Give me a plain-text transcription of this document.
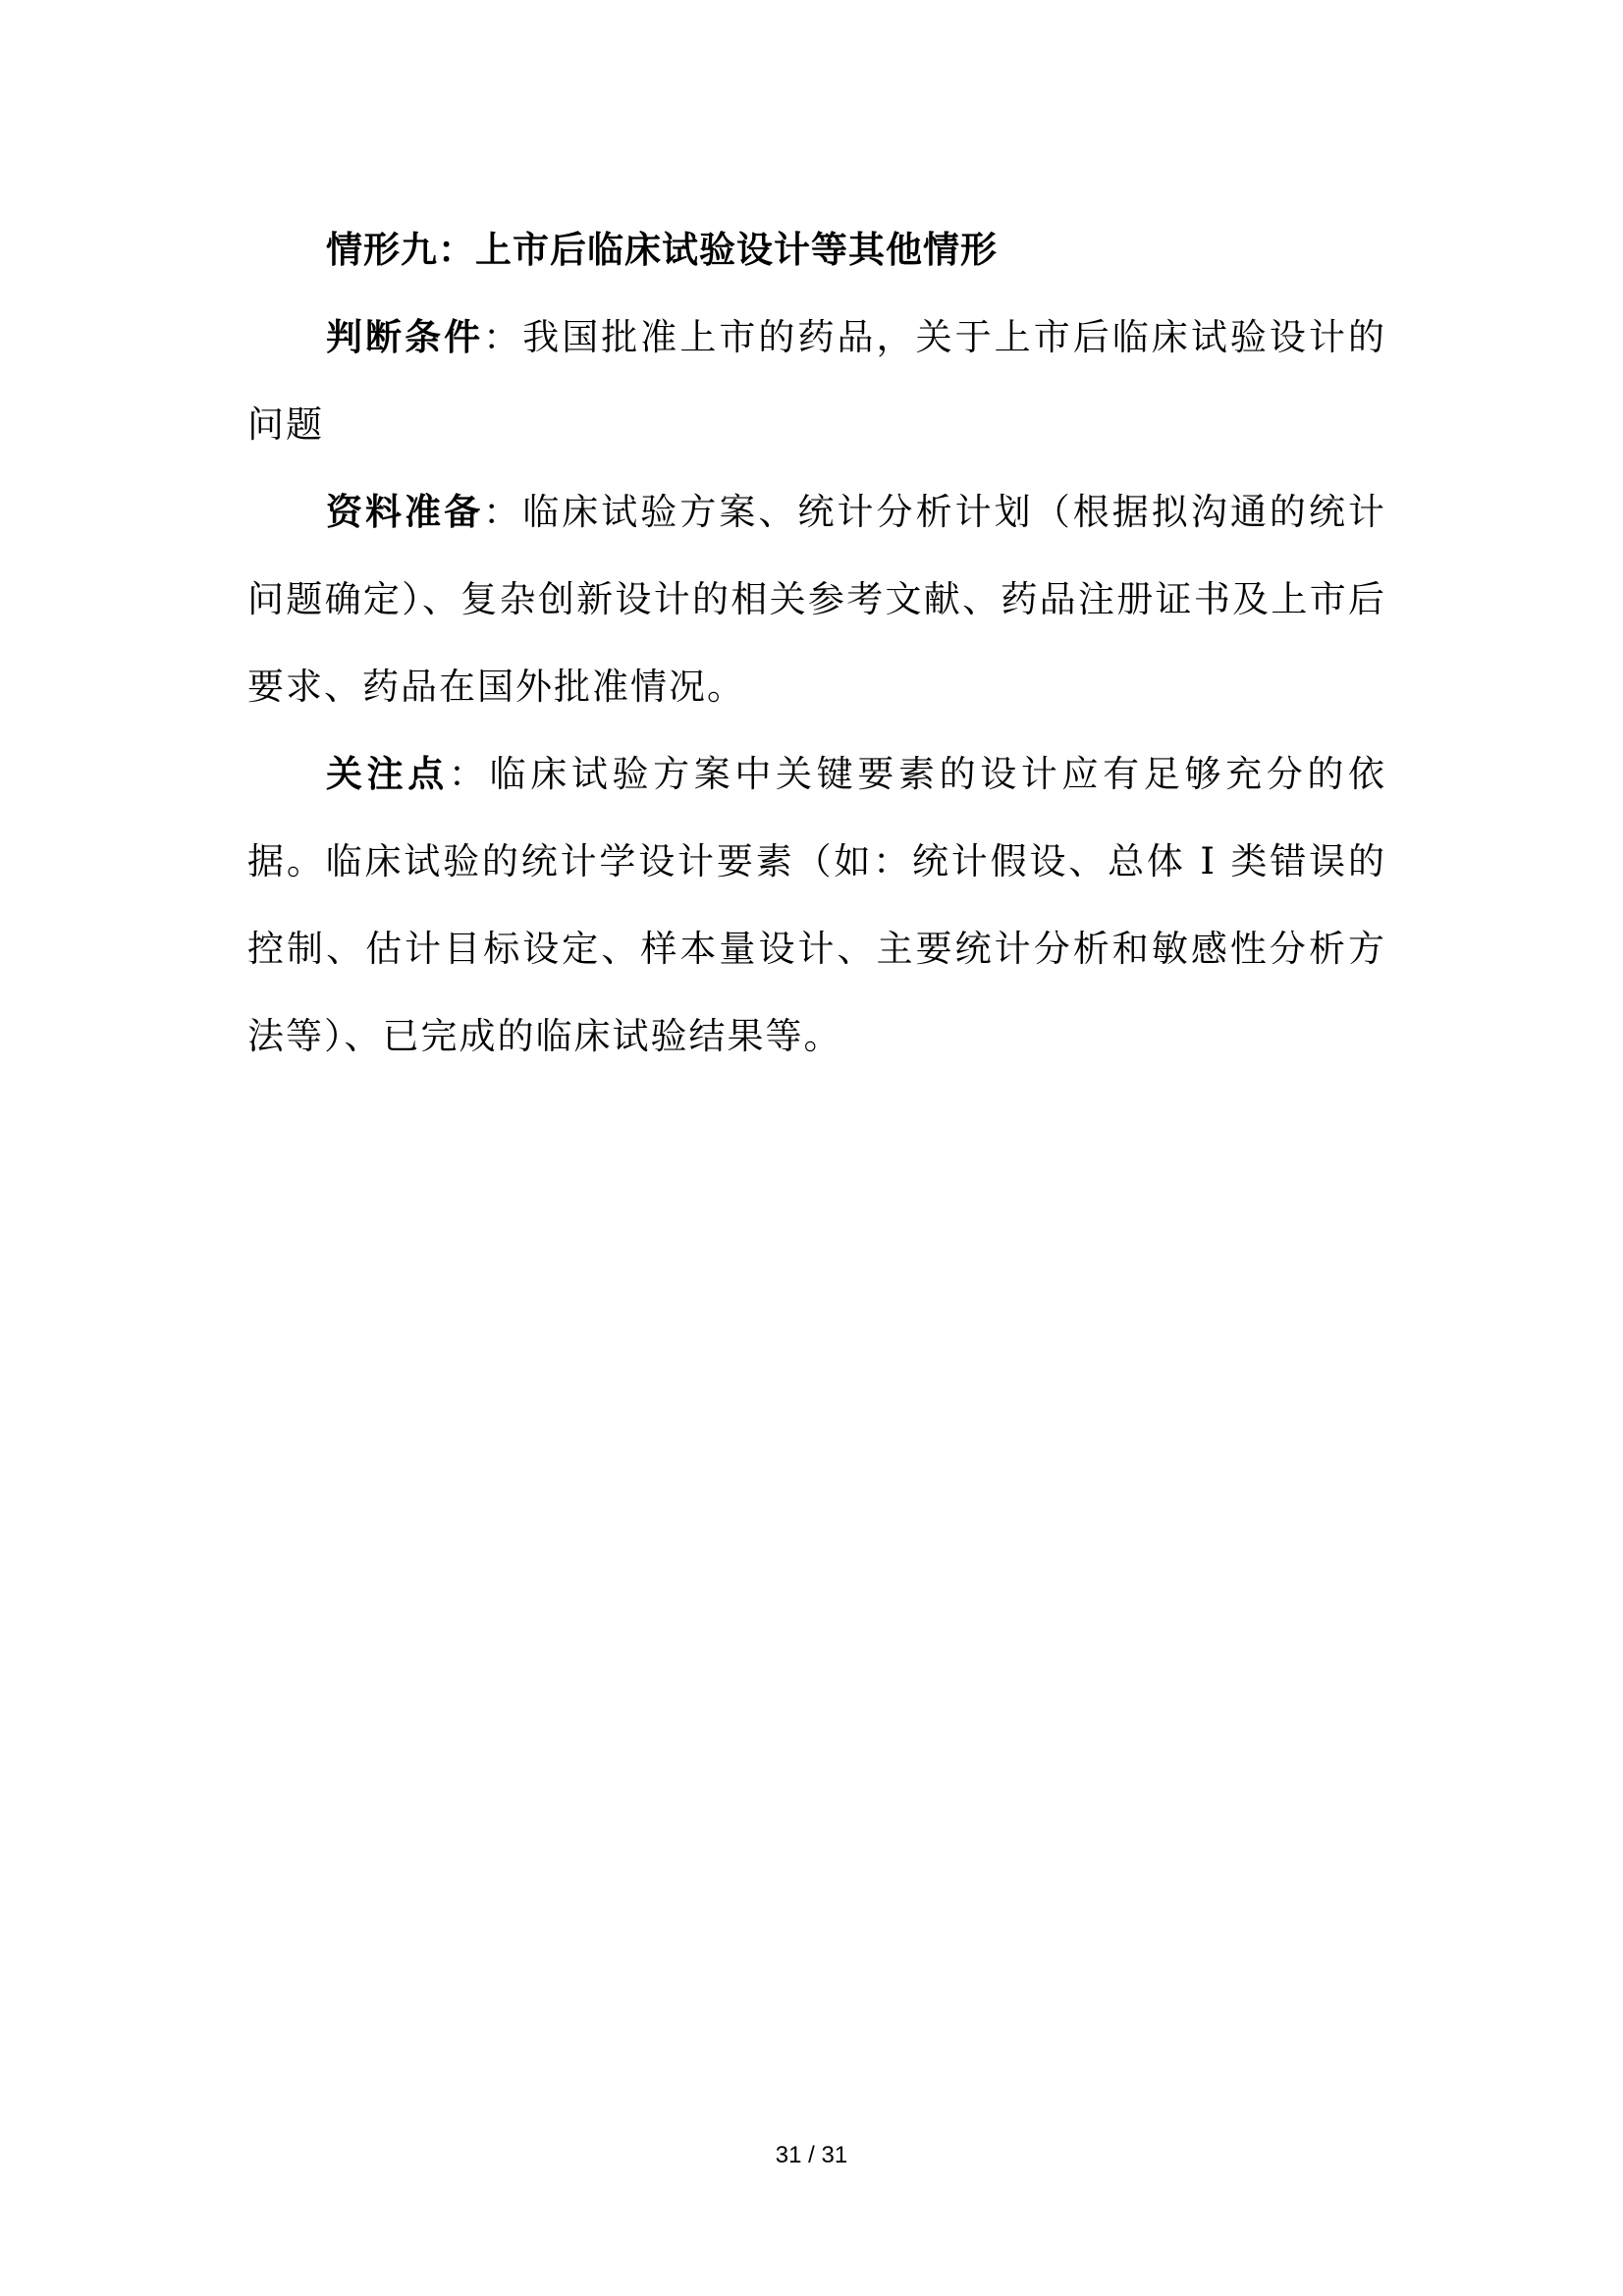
情形九：上市后临床试验设计等其他情形

判断条件：我国批准上市的药品，关于上市后临床试验设计的问题

资料准备：临床试验方案、统计分析计划（根据拟沟通的统计问题确定）、复杂创新设计的相关参考文献、药品注册证书及上市后要求、药品在国外批准情况。

关注点：临床试验方案中关键要素的设计应有足够充分的依据。临床试验的统计学设计要素（如：统计假设、总体 I 类错误的控制、估计目标设定、样本量设计、主要统计分析和敏感性分析方法等）、已完成的临床试验结果等。

31 / 31
